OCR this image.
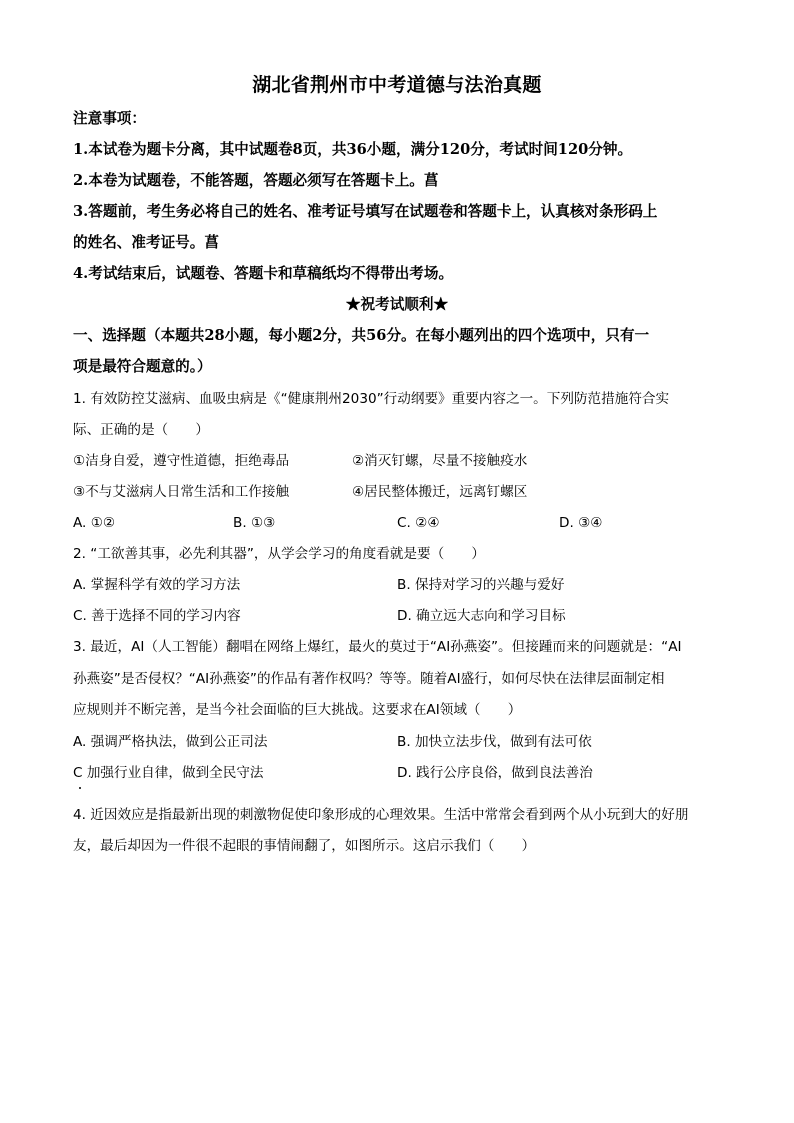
湖北省荆州市中考道德与法治真题
注意事项：
1.本试卷为题卡分离，其中试题卷8页，共36小题，满分120分，考试时间120分钟。
2.本卷为试题卷，不能答题，答题必须写在答题卡上。菖
3.答题前，考生务必将自己的姓名、准考证号填写在试题卷和答题卡上，认真核对条形码上
的姓名、准考证号。菖
4.考试结束后，试题卷、答题卡和草稿纸均不得带出考场。
★祝考试顺利★
一、选择题（本题共28小题，每小题2分，共56分。在每小题列出的四个选项中，只有一
项是最符合题意的。）
1. 有效防控艾滋病、血吸虫病是《“健康荆州2030”行动纲要》重要内容之一。下列防范措施符合实
际、正确的是（　　）
①洁身自爱，遵守性道德，拒绝毒品	②消灭钉螺，尽量不接触疫水
③不与艾滋病人日常生活和工作接触	④居民整体搬迁，远离钉螺区
A. ①②	B. ①③	C. ②④	D. ③④
2. “工欲善其事，必先利其器”，从学会学习的角度看就是要（　　）
A. 掌握科学有效的学习方法	B. 保持对学习的兴趣与爱好
C. 善于选择不同的学习内容	D. 确立远大志向和学习目标
3. 最近，AI（人工智能）翻唱在网络上爆红，最火的莫过于“AI孙燕姿”。但接踵而来的问题就是：“AI
孙燕姿”是否侵权？“AI孙燕姿”的作品有著作权吗？等等。随着AI盛行，如何尽快在法律层面制定相
应规则并不断完善，是当今社会面临的巨大挑战。这要求在AI领域（　　）
A. 强调严格执法，做到公正司法	B. 加快立法步伐，做到有法可依
C 加强行业自律，做到全民守法	D. 践行公序良俗，做到良法善治
4. 近因效应是指最新出现的刺激物促使印象形成的心理效果。生活中常常会看到两个从小玩到大的好朋
友，最后却因为一件很不起眼的事情闹翻了，如图所示。这启示我们（　　）
